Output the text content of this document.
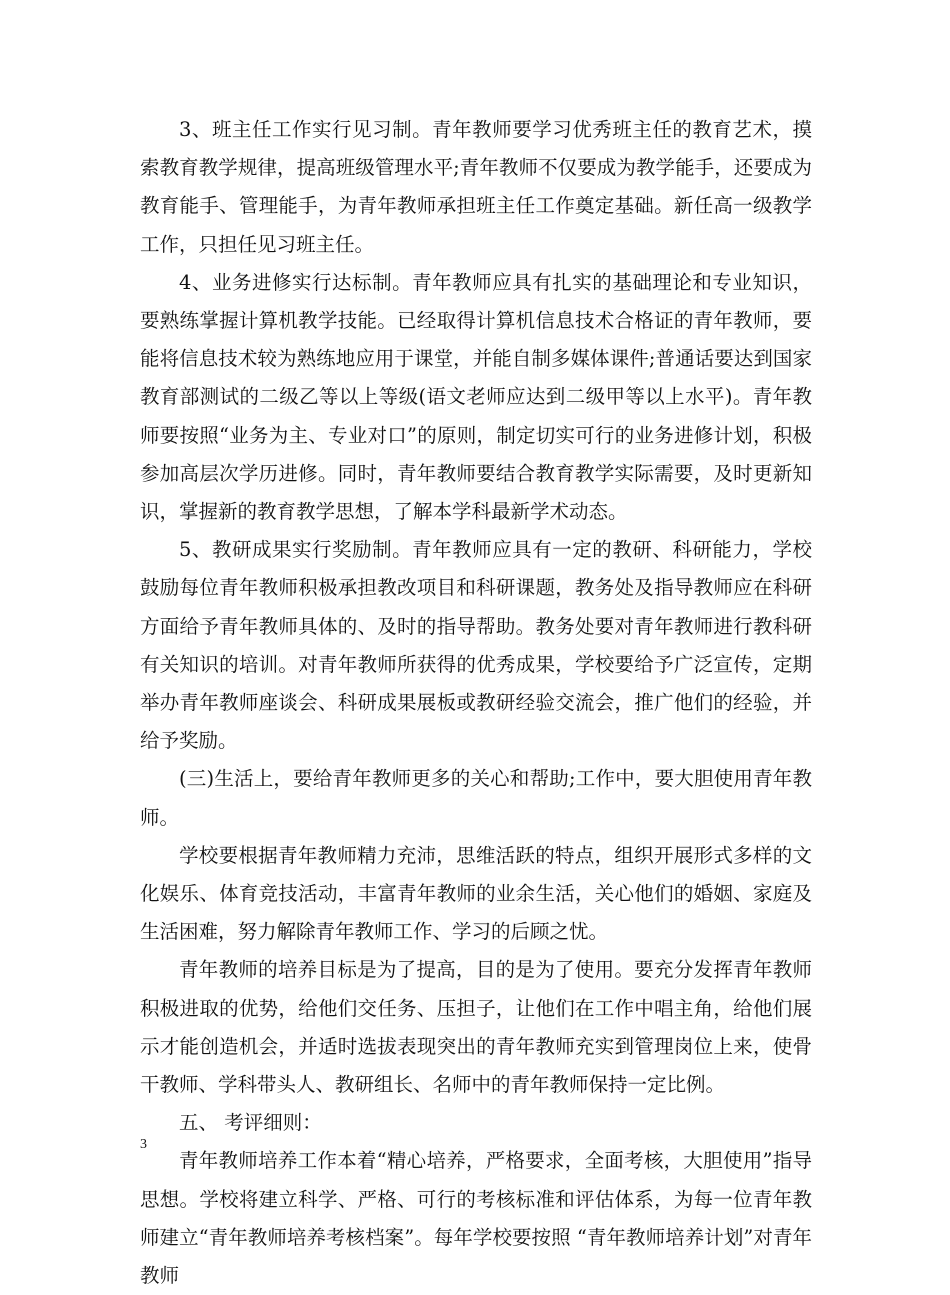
3、班主任工作实行见习制。青年教师要学习优秀班主任的教育艺术，摸索教育教学规律，提高班级管理水平;青年教师不仅要成为教学能手，还要成为教育能手、管理能手，为青年教师承担班主任工作奠定基础。新任高一级教学工作，只担任见习班主任。

4、业务进修实行达标制。青年教师应具有扎实的基础理论和专业知识，要熟练掌握计算机教学技能。已经取得计算机信息技术合格证的青年教师，要能将信息技术较为熟练地应用于课堂，并能自制多媒体课件;普通话要达到国家教育部测试的二级乙等以上等级(语文老师应达到二级甲等以上水平)。青年教师要按照“业务为主、专业对口”的原则，制定切实可行的业务进修计划，积极参加高层次学历进修。同时，青年教师要结合教育教学实际需要，及时更新知识，掌握新的教育教学思想，了解本学科最新学术动态。

5、教研成果实行奖励制。青年教师应具有一定的教研、科研能力，学校鼓励每位青年教师积极承担教改项目和科研课题，教务处及指导教师应在科研方面给予青年教师具体的、及时的指导帮助。教务处要对青年教师进行教科研有关知识的培训。对青年教师所获得的优秀成果，学校要给予广泛宣传，定期举办青年教师座谈会、科研成果展板或教研经验交流会，推广他们的经验，并给予奖励。

(三)生活上，要给青年教师更多的关心和帮助;工作中，要大胆使用青年教师。

学校要根据青年教师精力充沛，思维活跃的特点，组织开展形式多样的文化娱乐、体育竞技活动，丰富青年教师的业余生活，关心他们的婚姻、家庭及生活困难，努力解除青年教师工作、学习的后顾之忧。

青年教师的培养目标是为了提高，目的是为了使用。要充分发挥青年教师积极进取的优势，给他们交任务、压担子，让他们在工作中唱主角，给他们展示才能创造机会，并适时选拔表现突出的青年教师充实到管理岗位上来，使骨干教师、学科带头人、教研组长、名师中的青年教师保持一定比例。

五、 考评细则：

青年教师培养工作本着“精心培养，严格要求，全面考核，大胆使用”指导思想。学校将建立科学、严格、可行的考核标准和评估体系，为每一位青年教师建立“青年教师培养考核档案”。每年学校要按照 “青年教师培养计划”对青年教师

3
